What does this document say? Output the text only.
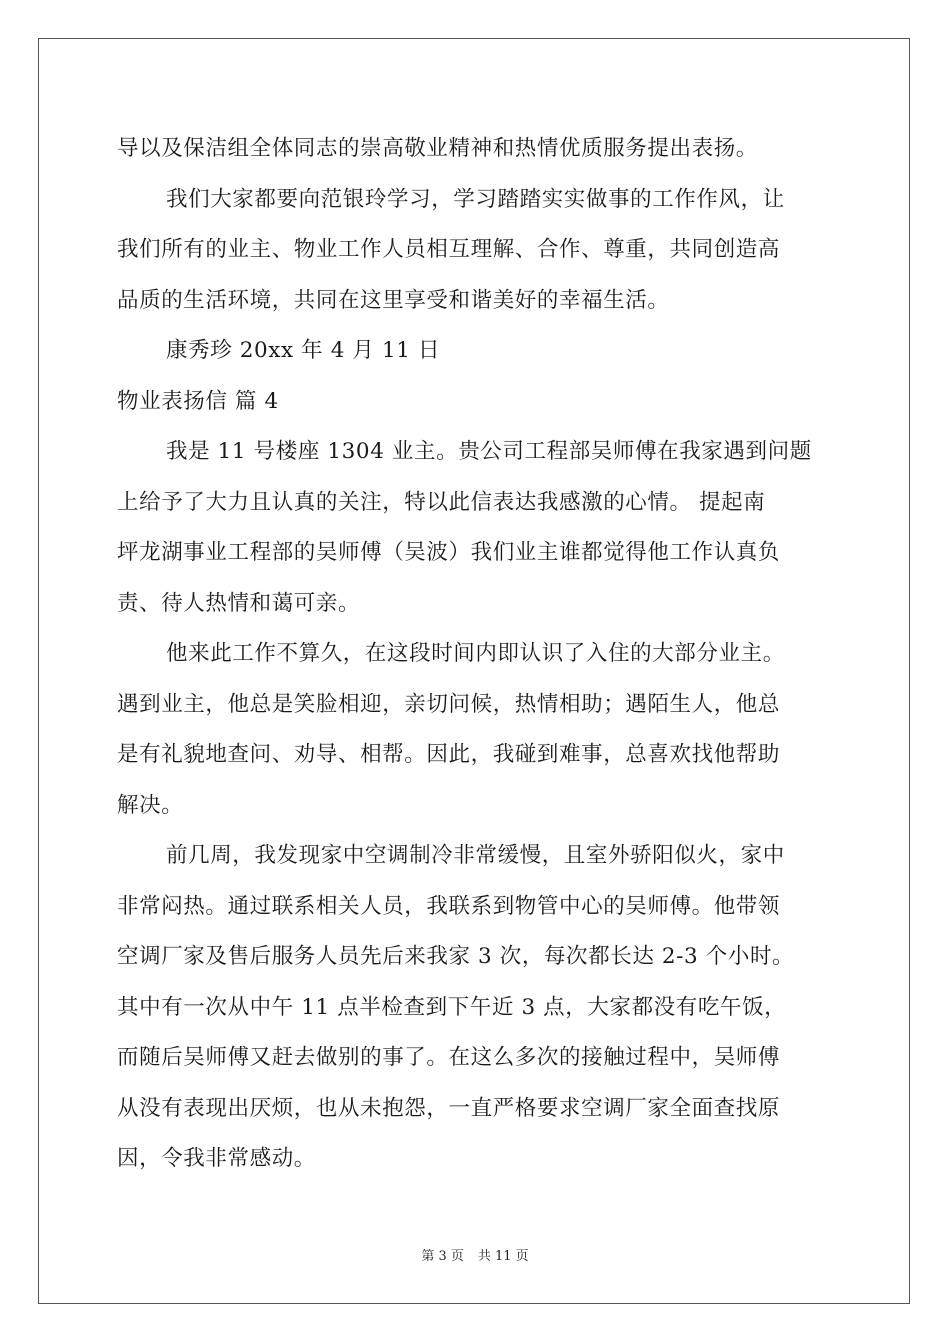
导以及保洁组全体同志的崇高敬业精神和热情优质服务提出表扬。
我们大家都要向范银玲学习，学习踏踏实实做事的工作作风，让
我们所有的业主、物业工作人员相互理解、合作、尊重，共同创造高
品质的生活环境，共同在这里享受和谐美好的幸福生活。
康秀珍 20xx 年 4 月 11 日
物业表扬信 篇 4
我是 11 号楼座 1304 业主。贵公司工程部吴师傅在我家遇到问题
上给予了大力且认真的关注，特以此信表达我感激的心情。 提起南
坪龙湖事业工程部的吴师傅（吴波）我们业主谁都觉得他工作认真负
责、待人热情和蔼可亲。
他来此工作不算久，在这段时间内即认识了入住的大部分业主。
遇到业主，他总是笑脸相迎，亲切问候，热情相助；遇陌生人，他总
是有礼貌地查问、劝导、相帮。因此，我碰到难事，总喜欢找他帮助
解决。
前几周，我发现家中空调制冷非常缓慢，且室外骄阳似火，家中
非常闷热。通过联系相关人员，我联系到物管中心的吴师傅。他带领
空调厂家及售后服务人员先后来我家 3 次，每次都长达 2-3 个小时。
其中有一次从中午 11 点半检查到下午近 3 点，大家都没有吃午饭，
而随后吴师傅又赶去做别的事了。在这么多次的接触过程中，吴师傅
从没有表现出厌烦，也从未抱怨，一直严格要求空调厂家全面查找原
因，令我非常感动。
第 3 页 共 11 页
